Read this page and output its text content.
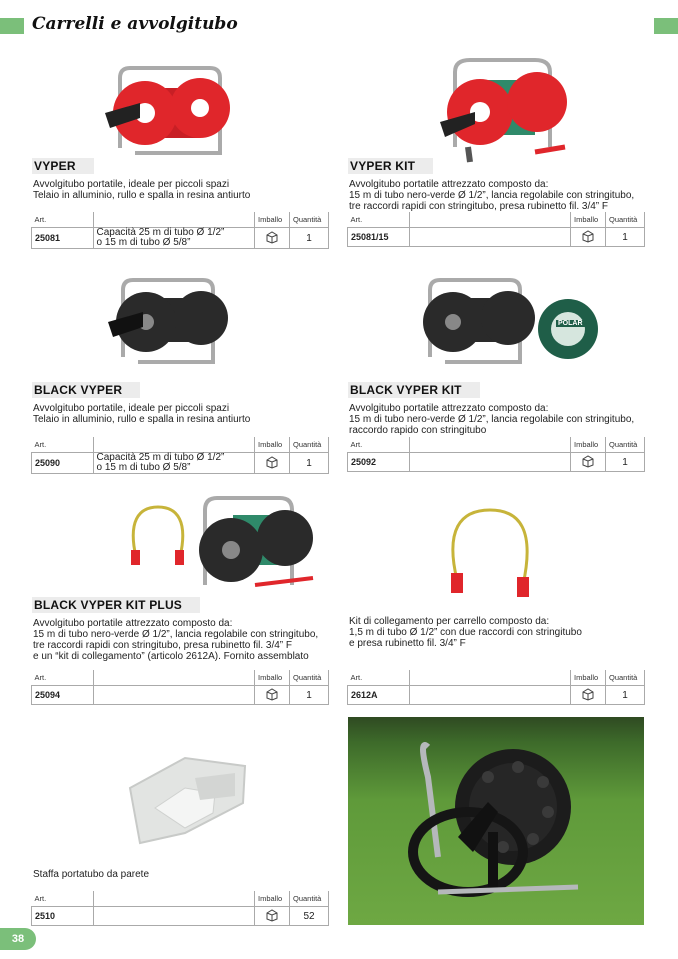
Carrelli e avvolgitubo
VYPER
Avvolgitubo portatile, ideale per piccoli spazi
Telaio in alluminio, rullo e spalla in resina antiurto
Art.		Imballo	Quantità
25081	Capacità 25 m di tubo Ø 1/2”
o 15 m di tubo Ø 5/8”		1
VYPER KIT
Avvolgitubo portatile attrezzato composto da:
15 m di tubo nero-verde Ø 1/2”, lancia regolabile con stringitubo,
tre raccordi rapidi con stringitubo, presa rubinetto fil. 3/4” F
Art.		Imballo	Quantità
25081/15			1
BLACK VYPER
Avvolgitubo portatile, ideale per piccoli spazi
Telaio in alluminio, rullo e spalla in resina antiurto
Art.		Imballo	Quantità
25090	Capacità 25 m di tubo Ø 1/2”
o 15 m di tubo Ø 5/8”		1
POLAR
BLACK VYPER KIT
Avvolgitubo portatile attrezzato composto da:
15 m di tubo nero-verde Ø 1/2”, lancia regolabile con stringitubo,
raccordo rapido con stringitubo
Art.		Imballo	Quantità
25092			1
BLACK VYPER KIT PLUS
Avvolgitubo portatile attrezzato composto da:
15 m di tubo nero-verde Ø 1/2”, lancia regolabile con stringitubo,
tre raccordi rapidi con stringitubo, presa rubinetto fil. 3/4” F
e un “kit di collegamento” (articolo 2612A). Fornito assemblato
Art.		Imballo	Quantità
25094			1
Kit di collegamento per carrello composto da:
1,5 m di tubo Ø 1/2” con due raccordi con stringitubo
e presa rubinetto fil. 3/4” F
Art.		Imballo	Quantità
2612A			1
Staffa portatubo da parete
Art.		Imballo	Quantità
2510			52
38
